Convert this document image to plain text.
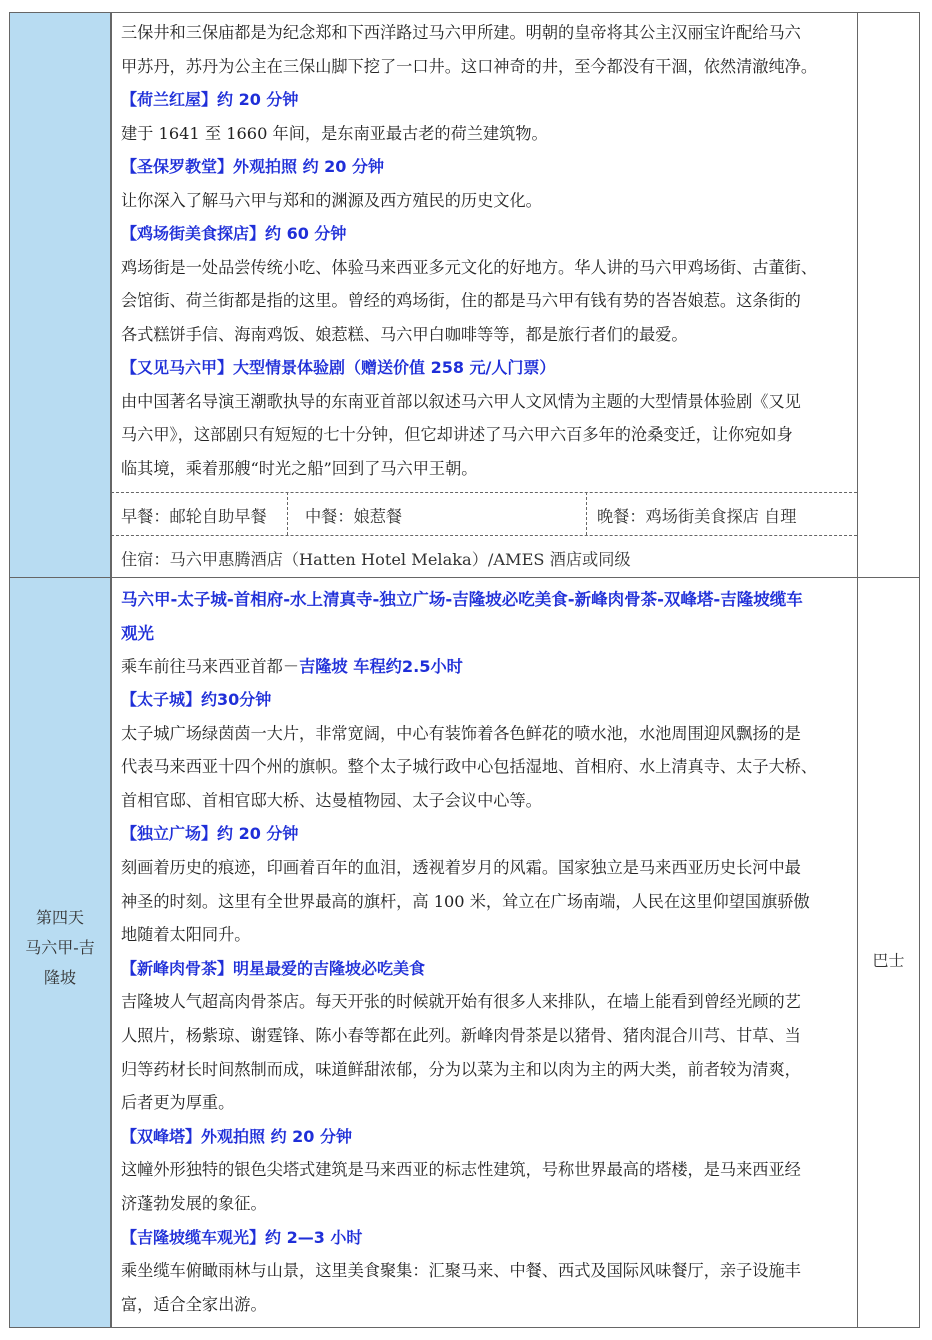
第四天
马六甲-吉
隆坡
三保井和三保庙都是为纪念郑和下西洋路过马六甲所建。明朝的皇帝将其公主汉丽宝许配给马六
甲苏丹，苏丹为公主在三保山脚下挖了一口井。这口神奇的井，至今都没有干涸，依然清澈纯净。
【荷兰红屋】约 20 分钟
建于 1641 至 1660 年间，是东南亚最古老的荷兰建筑物。
【圣保罗教堂】外观拍照 约 20 分钟
让你深入了解马六甲与郑和的渊源及西方殖民的历史文化。
【鸡场街美食探店】约 60 分钟
鸡场街是一处品尝传统小吃、体验马来西亚多元文化的好地方。华人讲的马六甲鸡场街、古董街、
会馆街、荷兰街都是指的这里。曾经的鸡场街，住的都是马六甲有钱有势的峇峇娘惹。这条街的
各式糕饼手信、海南鸡饭、娘惹糕、马六甲白咖啡等等，都是旅行者们的最爱。
【又见马六甲】大型情景体验剧（赠送价值 258 元/人门票）
由中国著名导演王潮歌执导的东南亚首部以叙述马六甲人文风情为主题的大型情景体验剧《又见
马六甲》，这部剧只有短短的七十分钟，但它却讲述了马六甲六百多年的沧桑变迁，让你宛如身
临其境，乘着那艘“时光之船”回到了马六甲王朝。
早餐：邮轮自助早餐 中餐：娘惹餐	晚餐：鸡场街美食探店 自理
住宿：马六甲惠腾酒店（Hatten Hotel Melaka）/AMES 酒店或同级
马六甲-太子城-首相府-水上清真寺-独立广场-吉隆坡必吃美食-新峰肉骨茶-双峰塔-吉隆坡缆车
观光
乘车前往马来西亚首都－吉隆坡 车程约2.5小时
【太子城】约30分钟
太子城广场绿茵茵一大片，非常宽阔，中心有装饰着各色鲜花的喷水池，水池周围迎风飘扬的是
代表马来西亚十四个州的旗帜。整个太子城行政中心包括湿地、首相府、水上清真寺、太子大桥、
首相官邸、首相官邸大桥、达曼植物园、太子会议中心等。
【独立广场】约 20 分钟
刻画着历史的痕迹，印画着百年的血泪，透视着岁月的风霜。国家独立是马来西亚历史长河中最
神圣的时刻。这里有全世界最高的旗杆，高 100 米，耸立在广场南端，人民在这里仰望国旗骄傲
地随着太阳同升。
【新峰肉骨茶】明星最爱的吉隆坡必吃美食
吉隆坡人气超高肉骨茶店。每天开张的时候就开始有很多人来排队，在墙上能看到曾经光顾的艺
人照片，杨紫琼、谢霆锋、陈小春等都在此列。新峰肉骨茶是以猪骨、猪肉混合川芎、甘草、当
归等药材长时间熬制而成，味道鲜甜浓郁，分为以菜为主和以肉为主的两大类，前者较为清爽，
后者更为厚重。
【双峰塔】外观拍照 约 20 分钟
这幢外形独特的银色尖塔式建筑是马来西亚的标志性建筑，号称世界最高的塔楼，是马来西亚经
济蓬勃发展的象征。
【吉隆坡缆车观光】约 2—3 小时
乘坐缆车俯瞰雨林与山景，这里美食聚集：汇聚马来、中餐、西式及国际风味餐厅，亲子设施丰
富，适合全家出游。
巴士
